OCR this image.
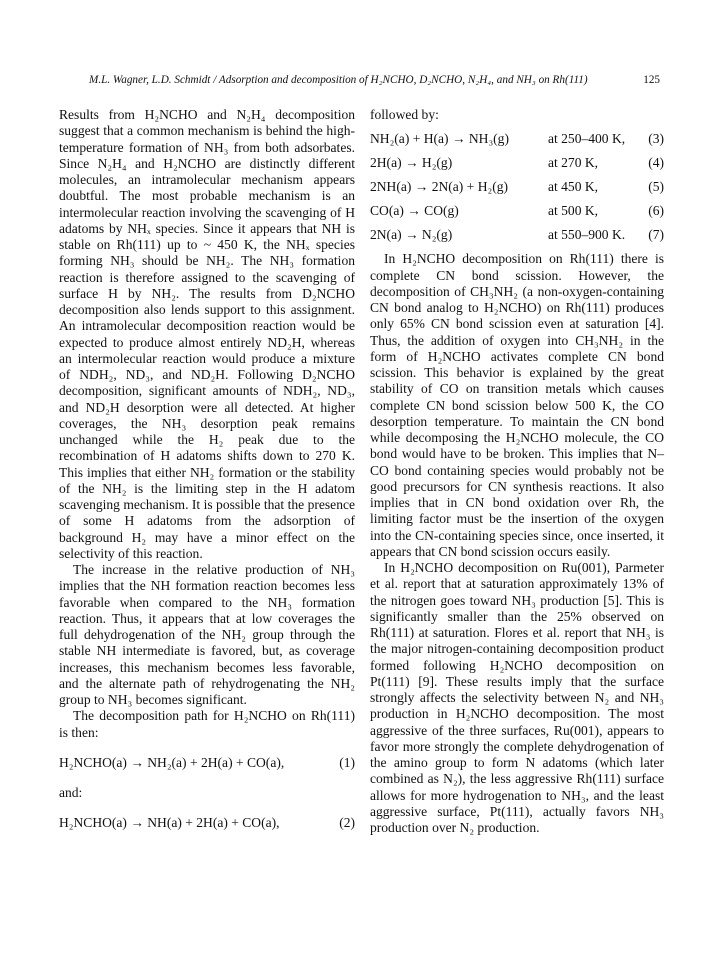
M.L. Wagner, L.D. Schmidt / Adsorption and decomposition of H₂NCHO, D₂NCHO, N₂H₄, and NH₃ on Rh(111)	125

Results from H₂NCHO and N₂H₄ decomposition suggest that a common mechanism is behind the high-temperature formation of NH₃ from both adsorbates. Since N₂H₄ and H₂NCHO are distinctly different molecules, an intramolecular mechanism appears doubtful. The most probable mechanism is an intermolecular reaction involving the scavenging of H adatoms by NHₓ species. Since it appears that NH is stable on Rh(111) up to ~ 450 K, the NHₓ species forming NH₃ should be NH₂. The NH₃ formation reaction is therefore assigned to the scavenging of surface H by NH₂. The results from D₂NCHO decomposition also lends support to this assignment. An intramolecular decomposition reaction would be expected to produce almost entirely ND₂H, whereas an intermolecular reaction would produce a mixture of NDH₂, ND₃, and ND₂H. Following D₂NCHO decomposition, significant amounts of NDH₂, ND₃, and ND₂H desorption were all detected. At higher coverages, the NH₃ desorption peak remains unchanged while the H₂ peak due to the recombination of H adatoms shifts down to 270 K. This implies that either NH₂ formation or the stability of the NH₂ is the limiting step in the H adatom scavenging mechanism. It is possible that the presence of some H adatoms from the adsorption of background H₂ may have a minor effect on the selectivity of this reaction.

The increase in the relative production of NH₃ implies that the NH formation reaction becomes less favorable when compared to the NH₃ formation reaction. Thus, it appears that at low coverages the full dehydrogenation of the NH₂ group through the stable NH intermediate is favored, but, as coverage increases, this mechanism becomes less favorable, and the alternate path of rehydrogenating the NH₂ group to NH₃ becomes significant.

The decomposition path for H₂NCHO on Rh(111) is then:

H₂NCHO(a) → NH₂(a) + 2H(a) + CO(a),	(1)

and:

H₂NCHO(a) → NH(a) + 2H(a) + CO(a),	(2)

followed by:

NH₂(a) + H(a) → NH₃(g)	at 250–400 K, (3)
2H(a) → H₂(g)	at 270 K,	(4)
2NH(a) → 2N(a) + H₂(g)	at 450 K,	(5)
CO(a) → CO(g)	at 500 K,	(6)
2N(a) → N₂(g)	at 550–900 K. (7)

In H₂NCHO decomposition on Rh(111) there is complete CN bond scission. However, the decomposition of CH₃NH₂ (a non-oxygen-containing CN bond analog to H₂NCHO) on Rh(111) produces only 65% CN bond scission even at saturation [4]. Thus, the addition of oxygen into CH₃NH₂ in the form of H₂NCHO activates complete CN bond scission. This behavior is explained by the great stability of CO on transition metals which causes complete CN bond scission below 500 K, the CO desorption temperature. To maintain the CN bond while decomposing the H₂NCHO molecule, the CO bond would have to be broken. This implies that N–CO bond containing species would probably not be good precursors for CN synthesis reactions. It also implies that in CN bond oxidation over Rh, the limiting factor must be the insertion of the oxygen into the CN-containing species since, once inserted, it appears that CN bond scission occurs easily.

In H₂NCHO decomposition on Ru(001), Parmeter et al. report that at saturation approximately 13% of the nitrogen goes toward NH₃ production [5]. This is significantly smaller than the 25% observed on Rh(111) at saturation. Flores et al. report that NH₃ is the major nitrogen-containing decomposition product formed following H₂NCHO decomposition on Pt(111) [9]. These results imply that the surface strongly affects the selectivity between N₂ and NH₃ production in H₂NCHO decomposition. The most aggressive of the three surfaces, Ru(001), appears to favor more strongly the complete dehydrogenation of the amino group to form N adatoms (which later combined as N₂), the less aggressive Rh(111) surface allows for more hydrogenation to NH₃, and the least aggressive surface, Pt(111), actually favors NH₃ production over N₂ production.
